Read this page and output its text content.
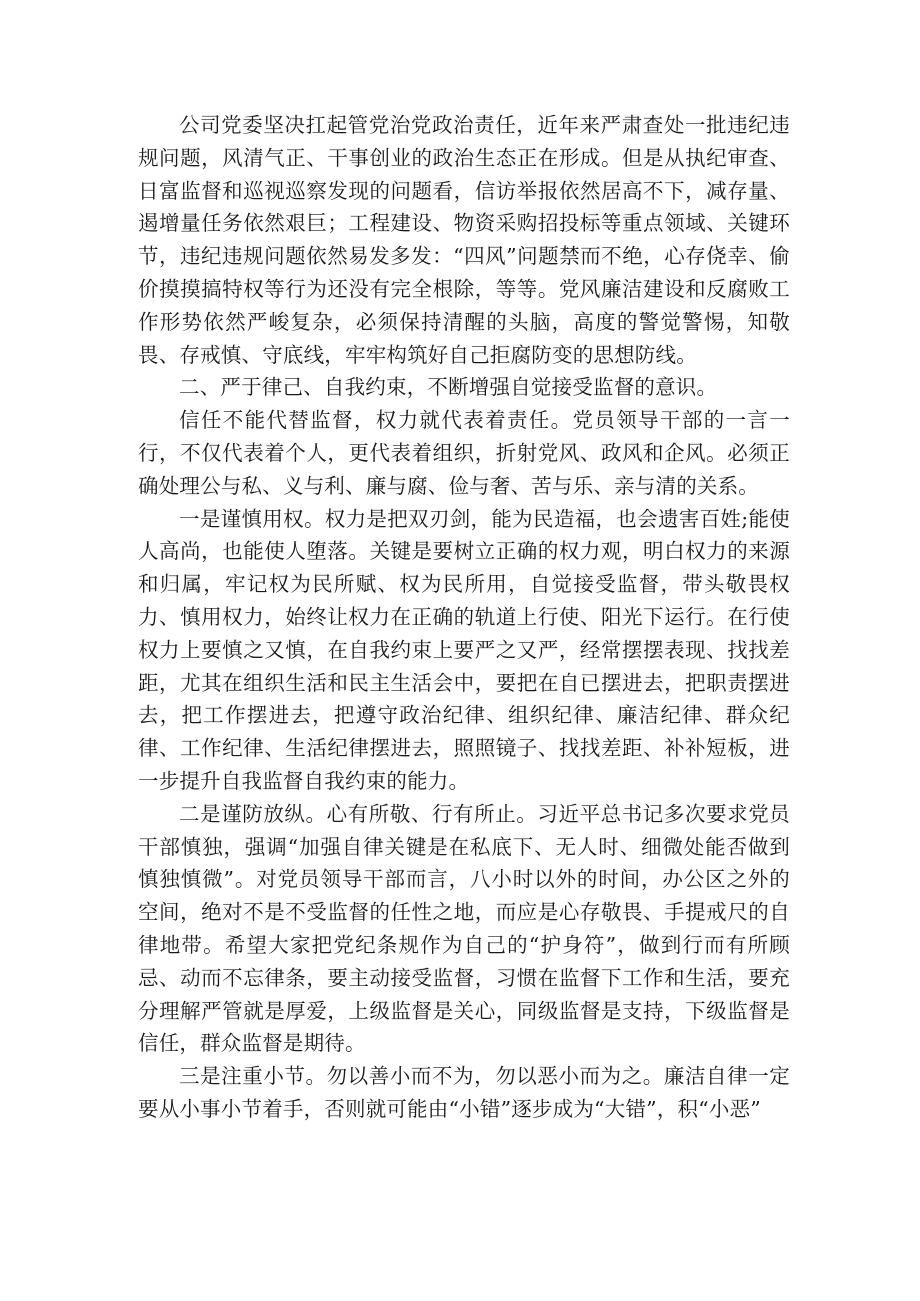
公司党委坚决扛起管党治党政治责任，近年来严肃查处一批违纪违规问题，风清气正、干事创业的政治生态正在形成。但是从执纪审查、日富监督和巡视巡察发现的问题看，信访举报依然居高不下，减存量、遏增量任务依然艰巨；工程建设、物资采购招投标等重点领域、关键环节，违纪违规问题依然易发多发：“四风”问题禁而不绝，心存侥幸、偷价摸摸搞特权等行为还没有完全根除，等等。党风廉洁建设和反腐败工作形势依然严峻复杂，必须保持清醒的头脑，高度的警觉警惕，知敬畏、存戒慎、守底线，牢牢构筑好自己拒腐防变的思想防线。

二、严于律己、自我约束，不断增强自觉接受监督的意识。

信任不能代替监督，权力就代表着责任。党员领导干部的一言一行，不仅代表着个人，更代表着组织，折射党风、政风和企风。必须正确处理公与私、义与利、廉与腐、俭与奢、苦与乐、亲与清的关系。

一是谨慎用权。权力是把双刃剑，能为民造福，也会遗害百姓;能使人高尚，也能使人堕落。关键是要树立正确的权力观，明白权力的来源和归属，牢记权为民所赋、权为民所用，自觉接受监督，带头敬畏权力、慎用权力，始终让权力在正确的轨道上行使、阳光下运行。在行使权力上要慎之又慎，在自我约束上要严之又严，经常摆摆表现、找找差距，尤其在组织生活和民主生活会中，要把在自已摆进去，把职责摆进去，把工作摆进去，把遵守政治纪律、组织纪律、廉洁纪律、群众纪律、工作纪律、生活纪律摆进去，照照镜子、找找差距、补补短板，进一步提升自我监督自我约束的能力。

二是谨防放纵。心有所敬、行有所止。习近平总书记多次要求党员干部慎独，强调“加强自律关键是在私底下、无人时、细微处能否做到慎独慎微”。对党员领导干部而言，八小时以外的时间，办公区之外的空间，绝对不是不受监督的任性之地，而应是心存敬畏、手提戒尺的自律地带。希望大家把党纪条规作为自己的“护身符”，做到行而有所顾忌、动而不忘律条，要主动接受监督，习惯在监督下工作和生活，要充分理解严管就是厚爱，上级监督是关心，同级监督是支持，下级监督是信任，群众监督是期待。

三是注重小节。勿以善小而不为，勿以恶小而为之。廉洁自律一定要从小事小节着手，否则就可能由“小错”逐步成为“大错”，积“小恶”
